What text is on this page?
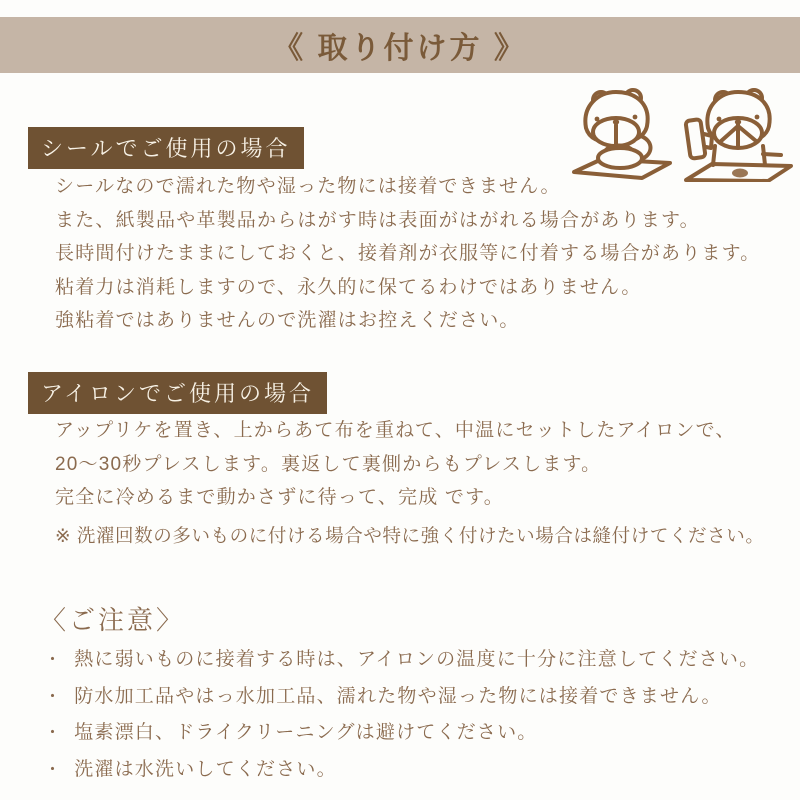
《 取り付け方 》
シールでご使用の場合

シールなので濡れた物や湿った物には接着できません。

また、紙製品や革製品からはがす時は表面がはがれる場合があります。

長時間付けたままにしておくと、接着剤が衣服等に付着する場合があります。

粘着力は消耗しますので、永久的に保てるわけではありません。

強粘着ではありませんので洗濯はお控えください。

アイロンでご使用の場合

アップリケを置き、上からあて布を重ねて、中温にセットしたアイロンで、

20〜30秒プレスします。裏返して裏側からもプレスします。

完全に冷めるまで動かさずに待って、完成 です。

※ 洗濯回数の多いものに付ける場合や特に強く付けたい場合は縫付けてください。
〈ご注意〉
・ 熱に弱いものに接着する時は、アイロンの温度に十分に注意してください。
・ 防水加工品やはっ水加工品、濡れた物や湿った物には接着できません。
・ 塩素漂白、ドライクリーニングは避けてください。
・ 洗濯は水洗いしてください。
